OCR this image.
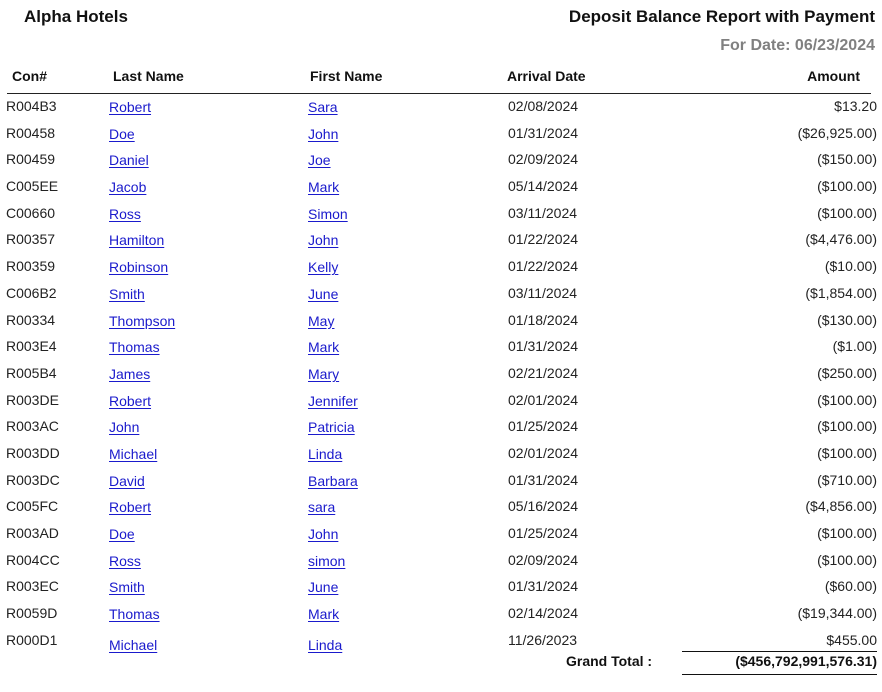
Alpha Hotels	Deposit Balance Report with Payment
For Date: 06/23/2024
Con#	Last Name	First Name	Arrival Date	Amount
R004B3	Robert	Sara	02/08/2024	$13.20
R00458	Doe	John	01/31/2024	($26,925.00)
R00459	Daniel	Joe	02/09/2024	($150.00)
C005EE	Jacob	Mark	05/14/2024	($100.00)
C00660	Ross	Simon	03/11/2024	($100.00)
R00357	Hamilton	John	01/22/2024	($4,476.00)
R00359	Robinson	Kelly	01/22/2024	($10.00)
C006B2	Smith	June	03/11/2024	($1,854.00)
R00334	Thompson	May	01/18/2024	($130.00)
R003E4	Thomas	Mark	01/31/2024	($1.00)
R005B4	James	Mary	02/21/2024	($250.00)
R003DE	Robert	Jennifer	02/01/2024	($100.00)
R003AC	John	Patricia	01/25/2024	($100.00)
R003DD	Michael	Linda	02/01/2024	($100.00)
R003DC	David	Barbara	01/31/2024	($710.00)
C005FC	Robert	sara	05/16/2024	($4,856.00)
R003AD	Doe	John	01/25/2024	($100.00)
R004CC	Ross	simon	02/09/2024	($100.00)
R003EC	Smith	June	01/31/2024	($60.00)
R0059D	Thomas	Mark	02/14/2024	($19,344.00)
R000D1	Michael	Linda	11/26/2023	$455.00
Grand Total :	($456,792,991,576.31)
